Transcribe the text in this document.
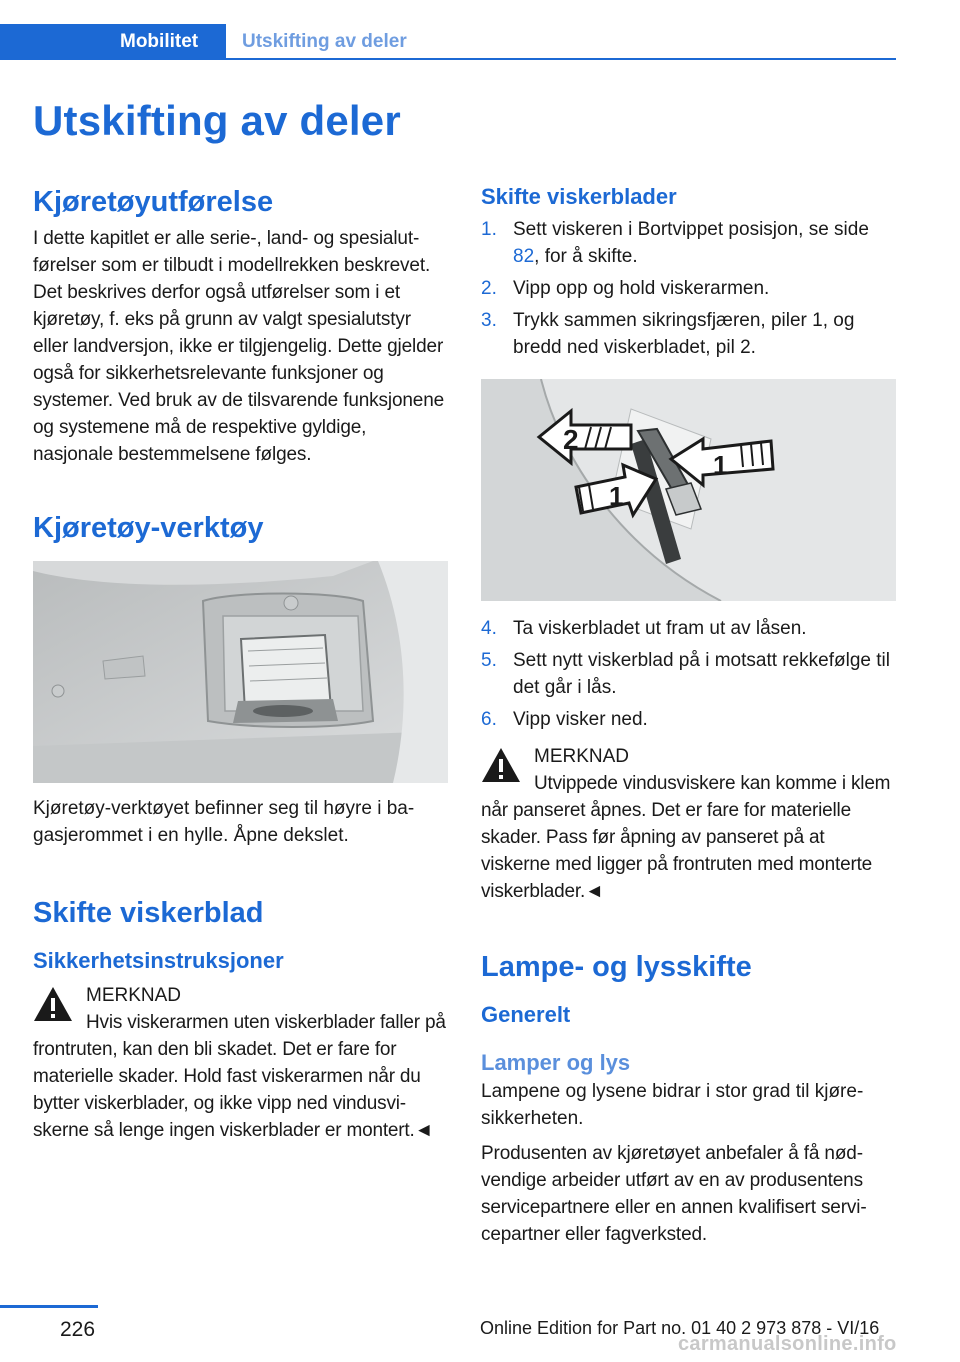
Mobilitet Utskifting av deler
Utskifting av deler
Kjøretøyutførelse

I dette kapitlet er alle serie-, land- og spesialutførelser som er tilbudt i modellrekken beskrevet. Det beskrives derfor også utførelser som i et kjøretøy, f. eks på grunn av valgt spesialutstyr eller landversjon, ikke er tilgjengelig. Dette gjelder også for sikkerhetsrelevante funksjoner og systemer. Ved bruk av de tilsvarende funksjonene og systemene må de respektive gyldige, nasjonale bestemmelsene følges.

Kjøretøy-verktøy

Kjøretøy-verktøyet befinner seg til høyre i bagasjerommet i en hylle. Åpne dekslet.

Skifte viskerblad
Sikkerhetsinstruksjoner
MERKNAD

Hvis viskerarmen uten viskerblader faller på frontruten, kan den bli skadet. Det er fare for materielle skader. Hold fast viskerarmen når du bytter viskerblader, og ikke vipp ned vindusviskerne så lenge ingen viskerblader er montert.◄

Skifte viskerblader
1. Sett viskeren i Bortvippet posisjon, se side 82, for å skifte.
2. Vipp opp og hold viskerarmen.
3. Trykk sammen sikringsfjæren, piler 1, og bredd ned viskerbladet, pil 2.
2
1
1
4. Ta viskerbladet ut fram ut av låsen.
5. Sett nytt viskerblad på i motsatt rekkefølge til det går i lås.
6. Vipp visker ned.
MERKNAD

Utvippede vindusviskere kan komme i klem når panseret åpnes. Det er fare for materielle skader. Pass før åpning av panseret på at viskerne med ligger på frontruten med monterte viskerblader.◄

Lampe- og lysskifte
Generelt
Lamper og lys

Lampene og lysene bidrar i stor grad til kjøresikkerheten.

Produsenten av kjøretøyet anbefaler å få nødvendige arbeider utført av en av produsentens servicepartnere eller en annen kvalifisert servicepartner eller fagverksted.

226	Online Edition for Part no. 01 40 2 973 878 - VI/16
carmanualsonline.info
